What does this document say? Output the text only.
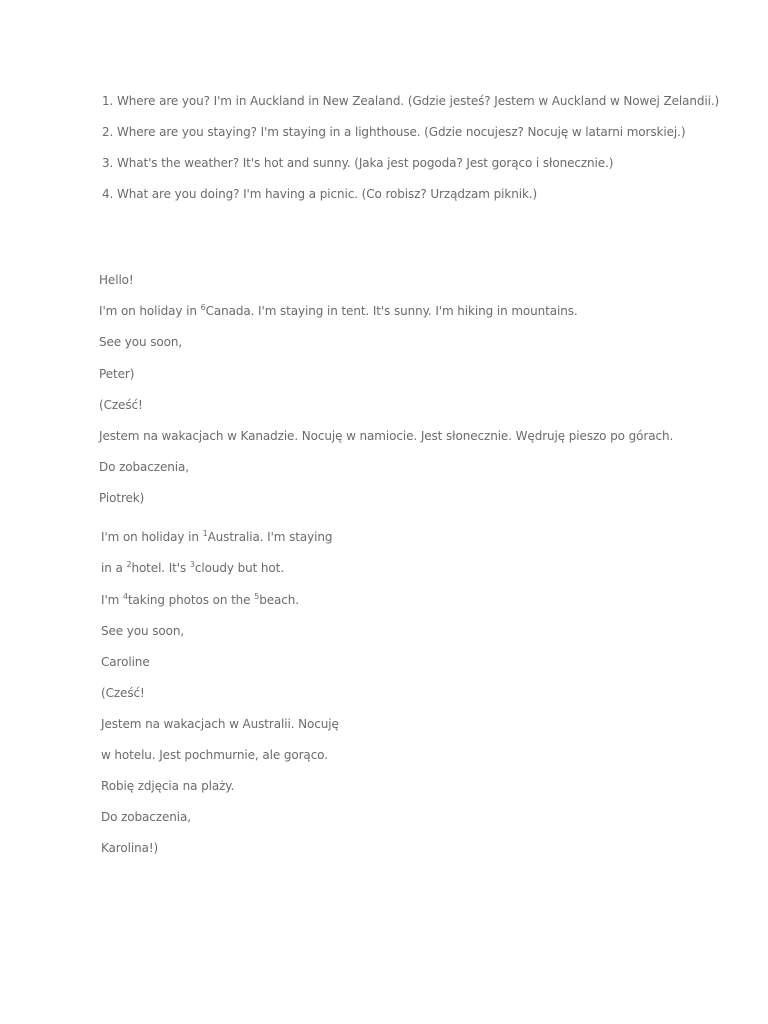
1. Where are you? I'm in Auckland in New Zealand. (Gdzie jesteś? Jestem w Auckland w Nowej Zelandii.)
2. Where are you staying? I'm staying in a lighthouse. (Gdzie nocujesz? Nocuję w latarni morskiej.)
3. What's the weather? It's hot and sunny. (Jaka jest pogoda? Jest gorąco i słonecznie.)
4. What are you doing? I'm having a picnic. (Co robisz? Urządzam piknik.)
Hello!
I'm on holiday in $^6$Canada. I'm staying in tent. It's sunny. I'm hiking in mountains.
See you soon,
Peter)
(Cześć!
Jestem na wakacjach w Kanadzie. Nocuję w namiocie. Jest słonecznie. Wędruję pieszo po górach.
Do zobaczenia,
Piotrek)
I'm on holiday in $^1$Australia. I'm staying
in a $^2$hotel. It's $^3$cloudy but hot.
I'm $^4$taking photos on the $^5$beach.
See you soon,
Caroline
(Cześć!
Jestem na wakacjach w Australii. Nocuję
w hotelu. Jest pochmurnie, ale gorąco.
Robię zdjęcia na plaży.
Do zobaczenia,
Karolina!)
